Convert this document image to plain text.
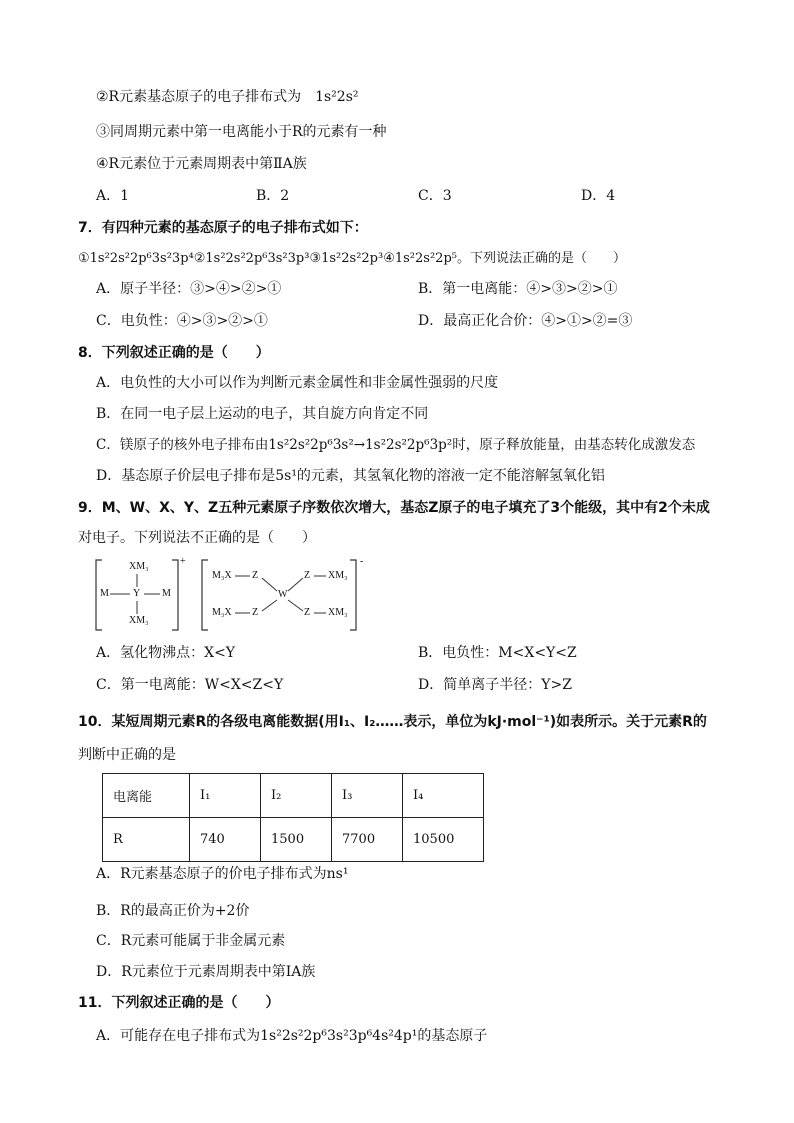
②R元素基态原子的电子排布式为　1s²2s²
③同周期元素中第一电离能小于R的元素有一种
④R元素位于元素周期表中第ⅡA族
A．1	B．2	C．3	D．4
7．有四种元素的基态原子的电子排布式如下：
①1s²2s²2p⁶3s²3p⁴②1s²2s²2p⁶3s²3p³③1s²2s²2p³④1s²2s²2p⁵。下列说法正确的是（　　）
A．原子半径：③>④>②>①	B．第一电离能：④>③>②>①
C．电负性：④>③>②>①	D．最高正化合价：④>①>②=③
8．下列叙述正确的是（　　）
A．电负性的大小可以作为判断元素金属性和非金属性强弱的尺度
B．在同一电子层上运动的电子，其自旋方向肯定不同
C．镁原子的核外电子排布由1s²2s²2p⁶3s²→1s²2s²2p⁶3p²时，原子释放能量，由基态转化成激发态
D．基态原子价层电子排布是5s¹的元素，其氢氧化物的溶液一定不能溶解氢氧化铝
9．M、W、X、Y、Z五种元素原子序数依次增大，基态Z原子的电子填充了3个能级，其中有2个未成
对电子。下列说法不正确的是（　　）
XM₃
M Y M
XM₃
+
M₃X
M₃X
Z
Z
W
Z
Z
XM₃
XM₃
-
A．氢化物沸点：X<Y	B．电负性：M<X<Y<Z
C．第一电离能：W<X<Z<Y	D．简单离子半径：Y>Z
10．某短周期元素R的各级电离能数据(用I₁、I₂……表示，单位为kJ·mol⁻¹)如表所示。关于元素R的
判断中正确的是
电离能	I₁	I₂	I₃	I₄
R	740	1500	7700	10500
A．R元素基态原子的价电子排布式为ns¹
B．R的最高正价为+2价
C．R元素可能属于非金属元素
D．R元素位于元素周期表中第ⅠA族
11．下列叙述正确的是（　　）
A．可能存在电子排布式为1s²2s²2p⁶3s²3p⁶4s²4p¹的基态原子
